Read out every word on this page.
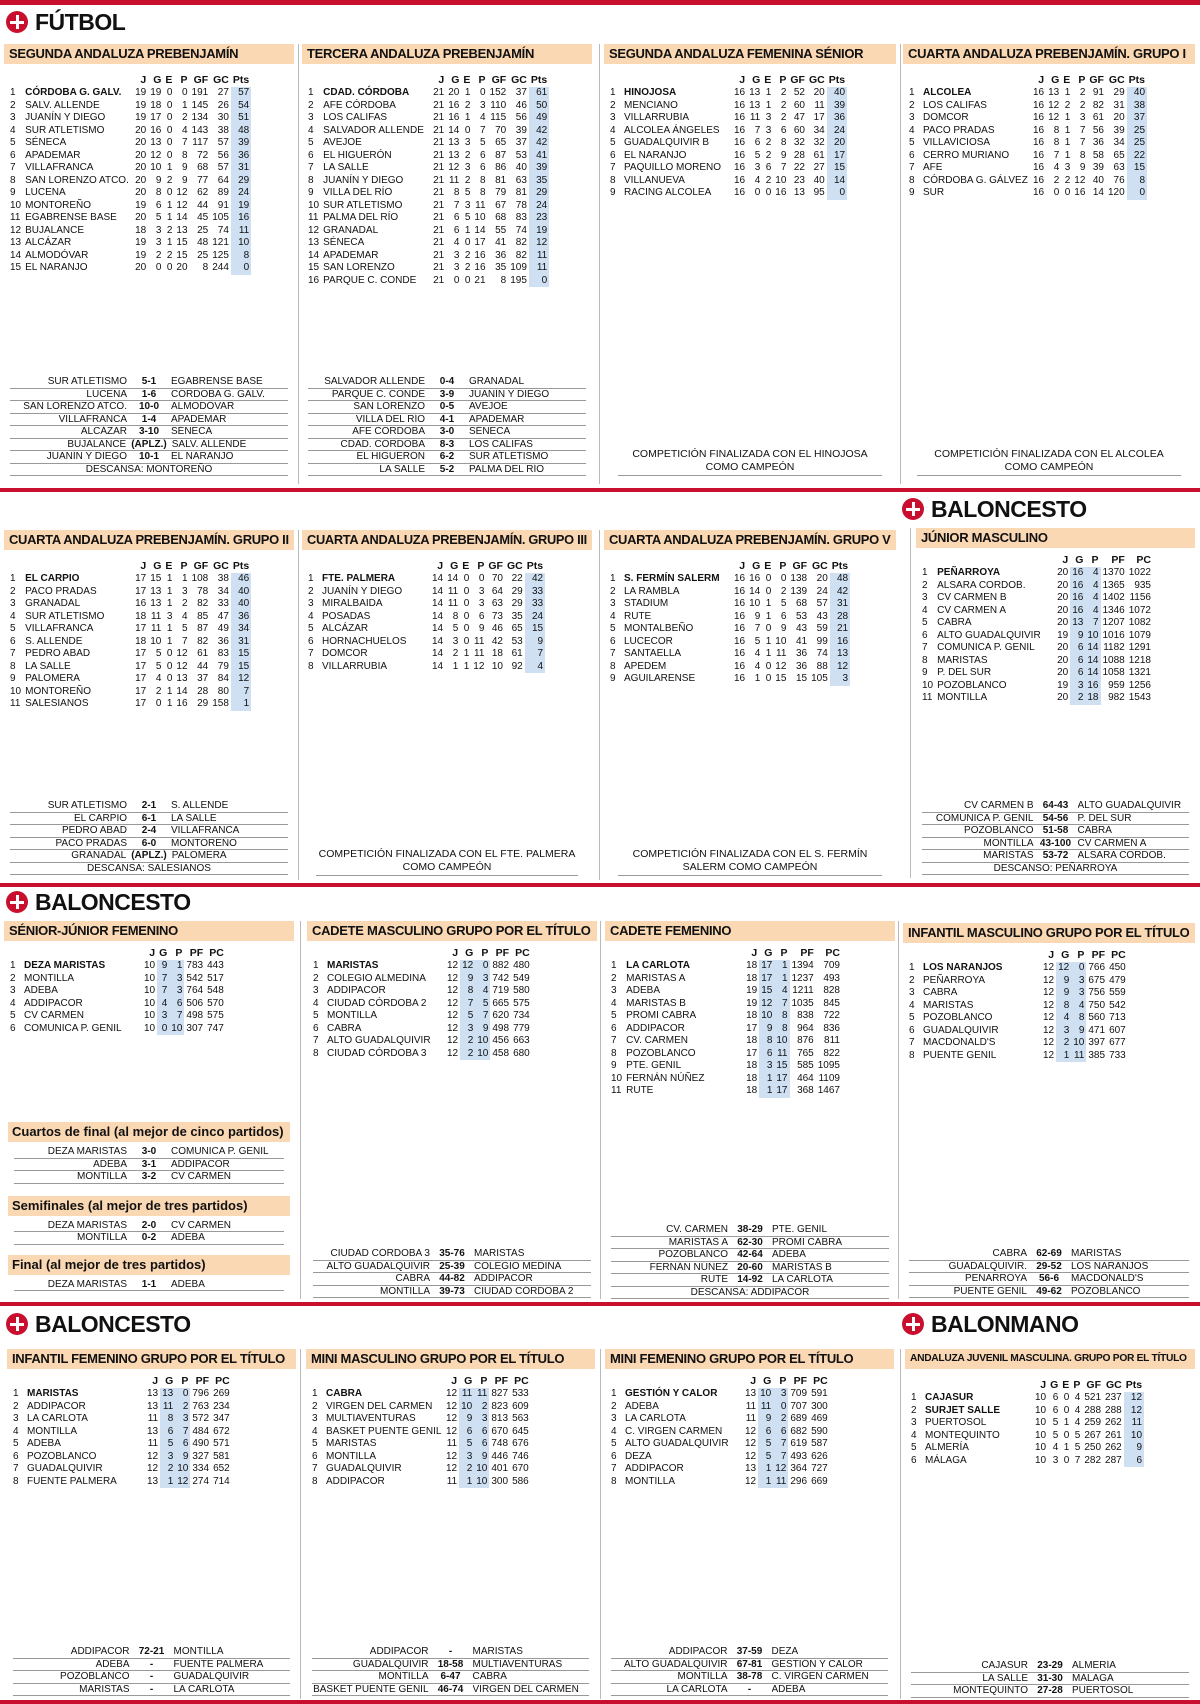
FÚTBOL
BALONCESTO
BALONCESTO
BALONCESTO	BALONMANO
SEGUNDA ANDALUZA PREBENJAMÍN
		J	G	E	P	GF	GC	Pts
1	CÓRDOBA G. GALV.	19	19	0	0	191	27	57
2	SALV. ALLENDE	19	18	0	1	145	26	54
3	JUANÍN Y DIEGO	19	17	0	2	134	30	51
4	SUR ATLETISMO	20	16	0	4	143	38	48
5	SÉNECA	20	13	0	7	117	57	39
6	APADEMAR	20	12	0	8	72	56	36
7	VILLAFRANCA	20	10	1	9	68	57	31
8	SAN LORENZO ATCO.	20	9	2	9	77	64	29
9	LUCENA	20	8	0	12	62	89	24
10	MONTOREÑO	19	6	1	12	44	91	19
11	EGABRENSE BASE	20	5	1	14	45	105	16
12	BUJALANCE	18	3	2	13	25	74	11
13	ALCÁZAR	19	3	1	15	48	121	10
14	ALMODÓVAR	19	2	2	15	25	125	8
15	EL NARANJO	20	0	0	20	8	244	0
SUR ATLETISMO	5-1	EGABRENSE BASE
LUCENA	1-6	CÓRDOBA G. GALV.
SAN LORENZO ATCO.	10-0	ALMODÓVAR
VILLAFRANCA	1-4	APADEMAR
ALCÁZAR	3-10	SÉNECA
BUJALANCE (APLZ.) SALV. ALLENDE
JUANÍN Y DIEGO	10-1	EL NARANJO
DESCANSA: MONTOREÑO
TERCERA ANDALUZA PREBENJAMÍN
		J	G	E	P	GF	GC	Pts
1	CDAD. CÓRDOBA	21	20	1	0	152	37	61
2	AFE CÓRDOBA	21	16	2	3	110	46	50
3	LOS CALIFAS	21	16	1	4	115	56	49
4	SALVADOR ALLENDE	21	14	0	7	70	39	42
5	AVEJOE	21	13	3	5	65	37	42
6	EL HIGUERÓN	21	13	2	6	87	53	41
7	LA SALLE	21	12	3	6	86	40	39
8	JUANÍN Y DIEGO	21	11	2	8	81	63	35
9	VILLA DEL RÍO	21	8	5	8	79	81	29
10	SUR ATLETISMO	21	7	3	11	67	78	24
11	PALMA DEL RÍO	21	6	5	10	68	83	23
12	GRANADAL	21	6	1	14	55	74	19
13	SÉNECA	21	4	0	17	41	82	12
14	APADEMAR	21	3	2	16	36	82	11
15	SAN LORENZO	21	3	2	16	35	109	11
16	PARQUE C. CONDE	21	0	0	21	8	195	0
SALVADOR ALLENDE	0-4	GRANADAL
PARQUE C. CONDE	3-9	JUANÍN Y DIEGO
SAN LORENZO	0-5	AVEJOE
VILLA DEL RÍO	4-1	APADEMAR
AFE CÓRDOBA	3-0	SÉNECA
CDAD. CÓRDOBA	8-3	LOS CALIFAS
EL HIGUERÓN	6-2	SUR ATLETISMO
LA SALLE	5-2	PALMA DEL RÍO
SEGUNDA ANDALUZA FEMENINA SÉNIOR
		J	G	E	P	GF	GC	Pts
1	HINOJOSA	16	13	1	2	52	20	40
2	MENCIANO	16	13	1	2	60	11	39
3	VILLARRUBIA	16	11	3	2	47	17	36
4	ALCOLEA ÁNGELES	16	7	3	6	60	34	24
5	GUADALQUIVIR B	16	6	2	8	32	32	20
6	EL NARANJO	16	5	2	9	28	61	17
7	PAQUILLO MORENO	16	3	6	7	22	27	15
8	VILLANUEVA	16	4	2	10	23	40	14
9	RACING ALCOLEA	16	0	0	16	13	95	0
COMPETICIÓN FINALIZADA CON EL HINOJOSA COMO CAMPEÓN
CUARTA ANDALUZA PREBENJAMÍN. GRUPO I
		J	G	E	P	GF	GC	Pts
1	ALCOLEA	16	13	1	2	91	29	40
2	LOS CALIFAS	16	12	2	2	82	31	38
3	DOMCOR	16	12	1	3	61	20	37
4	PACO PRADAS	16	8	1	7	56	39	25
5	VILLAVICIOSA	16	8	1	7	36	34	25
6	CERRO MURIANO	16	7	1	8	58	65	22
7	AFE	16	4	3	9	39	63	15
8	CÓRDOBA G. GÁLVEZ	16	2	2	12	40	76	8
9	SUR	16	0	0	16	14	120	0
COMPETICIÓN FINALIZADA CON EL ALCOLEA COMO CAMPEÓN
CUARTA ANDALUZA PREBENJAMÍN. GRUPO II
		J	G	E	P	GF	GC	Pts
1	EL CARPIO	17	15	1	1	108	38	46
2	PACO PRADAS	17	13	1	3	78	34	40
3	GRANADAL	16	13	1	2	82	33	40
4	SUR ATLETISMO	18	11	3	4	85	47	36
5	VILLAFRANCA	17	11	1	5	87	49	34
6	S. ALLENDE	18	10	1	7	82	36	31
7	PEDRO ABAD	17	5	0	12	61	83	15
8	LA SALLE	17	5	0	12	44	79	15
9	PALOMERA	17	4	0	13	37	84	12
10	MONTOREÑO	17	2	1	14	28	80	7
11	SALESIANOS	17	0	1	16	29	158	1
SUR ATLETISMO	2-1	S. ALLENDE
EL CARPIO	6-1	LA SALLE
PEDRO ABAD	2-4	VILLAFRANCA
PACO PRADAS	6-0	MONTOREÑO
GRANADAL (APLZ.) PALOMERA
DESCANSA: SALESIANOS
CUARTA ANDALUZA PREBENJAMÍN. GRUPO III
		J	G	E	P	GF	GC	Pts
1	FTE. PALMERA	14	14	0	0	70	22	42
2	JUANÍN Y DIEGO	14	11	0	3	64	29	33
3	MIRALBAIDA	14	11	0	3	63	29	33
4	POSADAS	14	8	0	6	73	35	24
5	ALCÁZAR	14	5	0	9	46	65	15
6	HORNACHUELOS	14	3	0	11	42	53	9
7	DOMCOR	14	2	1	11	18	61	7
8	VILLARRUBIA	14	1	1	12	10	92	4
COMPETICIÓN FINALIZADA CON EL FTE. PALMERA COMO CAMPEÓN
CUARTA ANDALUZA PREBENJAMÍN. GRUPO V
		J	G	E	P	GF	GC	Pts
1	S. FERMÍN SALERM	16	16	0	0	138	20	48
2	LA RAMBLA	16	14	0	2	139	24	42
3	STADIUM	16	10	1	5	68	57	31
4	RUTE	16	9	1	6	53	43	28
5	MONTALBEÑO	16	7	0	9	43	59	21
6	LUCECOR	16	5	1	10	41	99	16
7	SANTAELLA	16	4	1	11	36	74	13
8	APEDEM	16	4	0	12	36	88	12
9	AGUILARENSE	16	1	0	15	15	105	3
COMPETICIÓN FINALIZADA CON EL S. FERMÍN SALERM COMO CAMPEÓN
JÚNIOR MASCULINO
		J	G	P	PF	PC
1	PEÑARROYA	20	16	4	1370	1022
2	ALSARA CORDOB.	20	16	4	1365	935
3	CV CARMEN B	20	16	4	1402	1156
4	CV CARMEN A	20	16	4	1346	1072
5	CABRA	20	13	7	1207	1082
6	ALTO GUADALQUIVIR	19	9	10	1016	1079
7	COMUNICA P. GENIL	20	6	14	1182	1291
8	MARISTAS	20	6	14	1088	1218
9	P. DEL SUR	20	6	14	1058	1321
10	POZOBLANCO	19	3	16	959	1256
11	MONTILLA	20	2	18	982	1543
CV CARMEN B 64-43 ALTO GUADALQUIVIR
COMUNICA P. GENIL 54-56 P. DEL SUR
POZOBLANCO 51-58 CABRA
MONTILLA 43-100 CV CARMEN A
MARISTAS 53-72 ALSARA CORDOB.
DESCANSO: PEÑARROYA
SÉNIOR-JÚNIOR FEMENINO
		J	G	P	PF	PC
1	DEZA MARISTAS	10	9	1	783	443
2	MONTILLA	10	7	3	542	517
3	ADEBA	10	7	3	764	548
4	ADDIPACOR	10	4	6	506	570
5	CV CARMEN	10	3	7	498	575
6	COMUNICA P. GENIL	10	0	10	307	747
Cuartos de final (al mejor de cinco partidos)
DEZA MARISTAS	3-0	COMUNICA P. GENIL
ADEBA	3-1	ADDIPACOR
MONTILLA	3-2	CV CARMEN
Semifinales (al mejor de tres partidos)
DEZA MARISTAS	2-0	CV CARMEN
MONTILLA	0-2	ADEBA
Final (al mejor de tres partidos)
DEZA MARISTAS	1-1	ADEBA
CADETE MASCULINO GRUPO POR EL TÍTULO
		J	G	P	PF	PC
1	MARISTAS	12	12	0	882	480
2	COLEGIO ALMEDINA	12	9	3	742	549
3	ADDIPACOR	12	8	4	719	580
4	CIUDAD CÓRDOBA 2	12	7	5	665	575
5	MONTILLA	12	5	7	620	734
6	CABRA	12	3	9	498	779
7	ALTO GUADALQUIVIR	12	2	10	456	663
8	CIUDAD CÓRDOBA 3	12	2	10	458	680
CIUDAD CÓRDOBA 3 35-76 MARISTAS
ALTO GUADALQUIVIR 25-39 COLEGIO MEDINA
CABRA 44-82 ADDIPACOR
MONTILLA 39-73 CIUDAD CÓRDOBA 2
CADETE FEMENINO
		J	G	P	PF	PC
1	LA CARLOTA	18	17	1	1394	709
2	MARISTAS A	18	17	1	1237	493
3	ADEBA	19	15	4	1211	828
4	MARISTAS B	19	12	7	1035	845
5	PROMI CABRA	18	10	8	838	722
6	ADDIPACOR	17	9	8	964	836
7	CV. CARMEN	18	8	10	876	811
8	POZOBLANCO	17	6	11	765	822
9	PTE. GENIL	18	3	15	585	1095
10	FERNÁN NÚÑEZ	18	1	17	464	1109
11	RUTE	18	1	17	368	1467
CV. CARMEN 38-29 PTE. GENIL
MARISTAS A 62-30 PROMI CABRA
POZOBLANCO 42-64 ADEBA
FERNÁN NÚÑEZ 20-60 MARISTAS B
RUTE 14-92 LA CARLOTA
DESCANSA: ADDIPACOR
INFANTIL MASCULINO GRUPO POR EL TÍTULO
		J	G	P	PF	PC
1	LOS NARANJOS	12	12	0	766	450
2	PEÑARROYA	12	9	3	675	479
3	CABRA	12	9	3	756	559
4	MARISTAS	12	8	4	750	542
5	POZOBLANCO	12	4	8	560	713
6	GUADALQUIVIR	12	3	9	471	607
7	MACDONALD'S	12	2	10	397	677
8	PUENTE GENIL	12	1	11	385	733
CABRA 62-69 MARISTAS
GUADALQUIVIR. 29-52 LOS NARANJOS
PEÑARROYA	56-6	MACDONALD'S
PUENTE GENIL 49-62 POZOBLANCO
INFANTIL FEMENINO GRUPO POR EL TÍTULO
		J	G	P	PF	PC
1	MARISTAS	13	13	0	796	269
2	ADDIPACOR	13	11	2	763	234
3	LA CARLOTA	11	8	3	572	347
4	MONTILLA	13	6	7	484	672
5	ADEBA	11	5	6	490	571
6	POZOBLANCO	12	3	9	327	581
7	GUADALQUIVIR	12	2	10	334	652
8	FUENTE PALMERA	13	1	12	274	714
ADDIPACOR 72-21 MONTILLA
ADEBA	-	FUENTE PALMERA
POZOBLANCO	-	GUADALQUIVIR
MARISTAS	-	LA CARLOTA
MINI MASCULINO GRUPO POR EL TÍTULO
		J	G	P	PF	PC
1	CABRA	12	11	11	827	533
2	VIRGEN DEL CARMEN	12	10	2	823	609
3	MULTIAVENTURAS	12	9	3	813	563
4	BASKET PUENTE GENIL	12	6	6	670	645
5	MARISTAS	11	5	6	748	676
6	MONTILLA	12	3	9	446	746
7	GUADALQUIVIR	12	2	10	401	670
8	ADDIPACOR	11	1	10	300	586
ADDIPACOR	-	MARISTAS
GUADALQUIVIR 18-58 MULTIAVENTURAS
MONTILLA	6-47	CABRA
BASKET PUENTE GENIL 46-74 VIRGEN DEL CARMEN
MINI FEMENINO GRUPO POR EL TÍTULO
		J	G	P	PF	PC
1	GESTIÓN Y CALOR	13	10	3	709	591
2	ADEBA	11	11	0	707	300
3	LA CARLOTA	11	9	2	689	469
4	C. VIRGEN CARMEN	12	6	6	682	590
5	ALTO GUADALQUIVIR	12	5	7	619	587
6	DEZA	12	5	7	493	626
7	ADDIPACOR	13	1	12	364	727
8	MONTILLA	12	1	11	296	669
ADDIPACOR 37-59 DEZA
ALTO GUADALQUIVIR 67-81 GESTIÓN Y CALOR
MONTILLA 38-78 C. VIRGEN CARMEN
LA CARLOTA	-	ADEBA
ANDALUZA JUVENIL MASCULINA. GRUPO POR EL TÍTULO
		J	G	E	P	GF	GC	Pts
1	CAJASUR	10	6	0	4	521	237	12
2	SURJET SALLE	10	6	0	4	288	288	12
3	PUERTOSOL	10	5	1	4	259	262	11
4	MONTEQUINTO	10	5	0	5	267	261	10
5	ALMERÍA	10	4	1	5	250	262	9
6	MÁLAGA	10	3	0	7	282	287	6
CAJASUR 23-29 ALMERÍA
LA SALLE 31-30 MÁLAGA
MONTEQUINTO 27-28 PUERTOSOL
